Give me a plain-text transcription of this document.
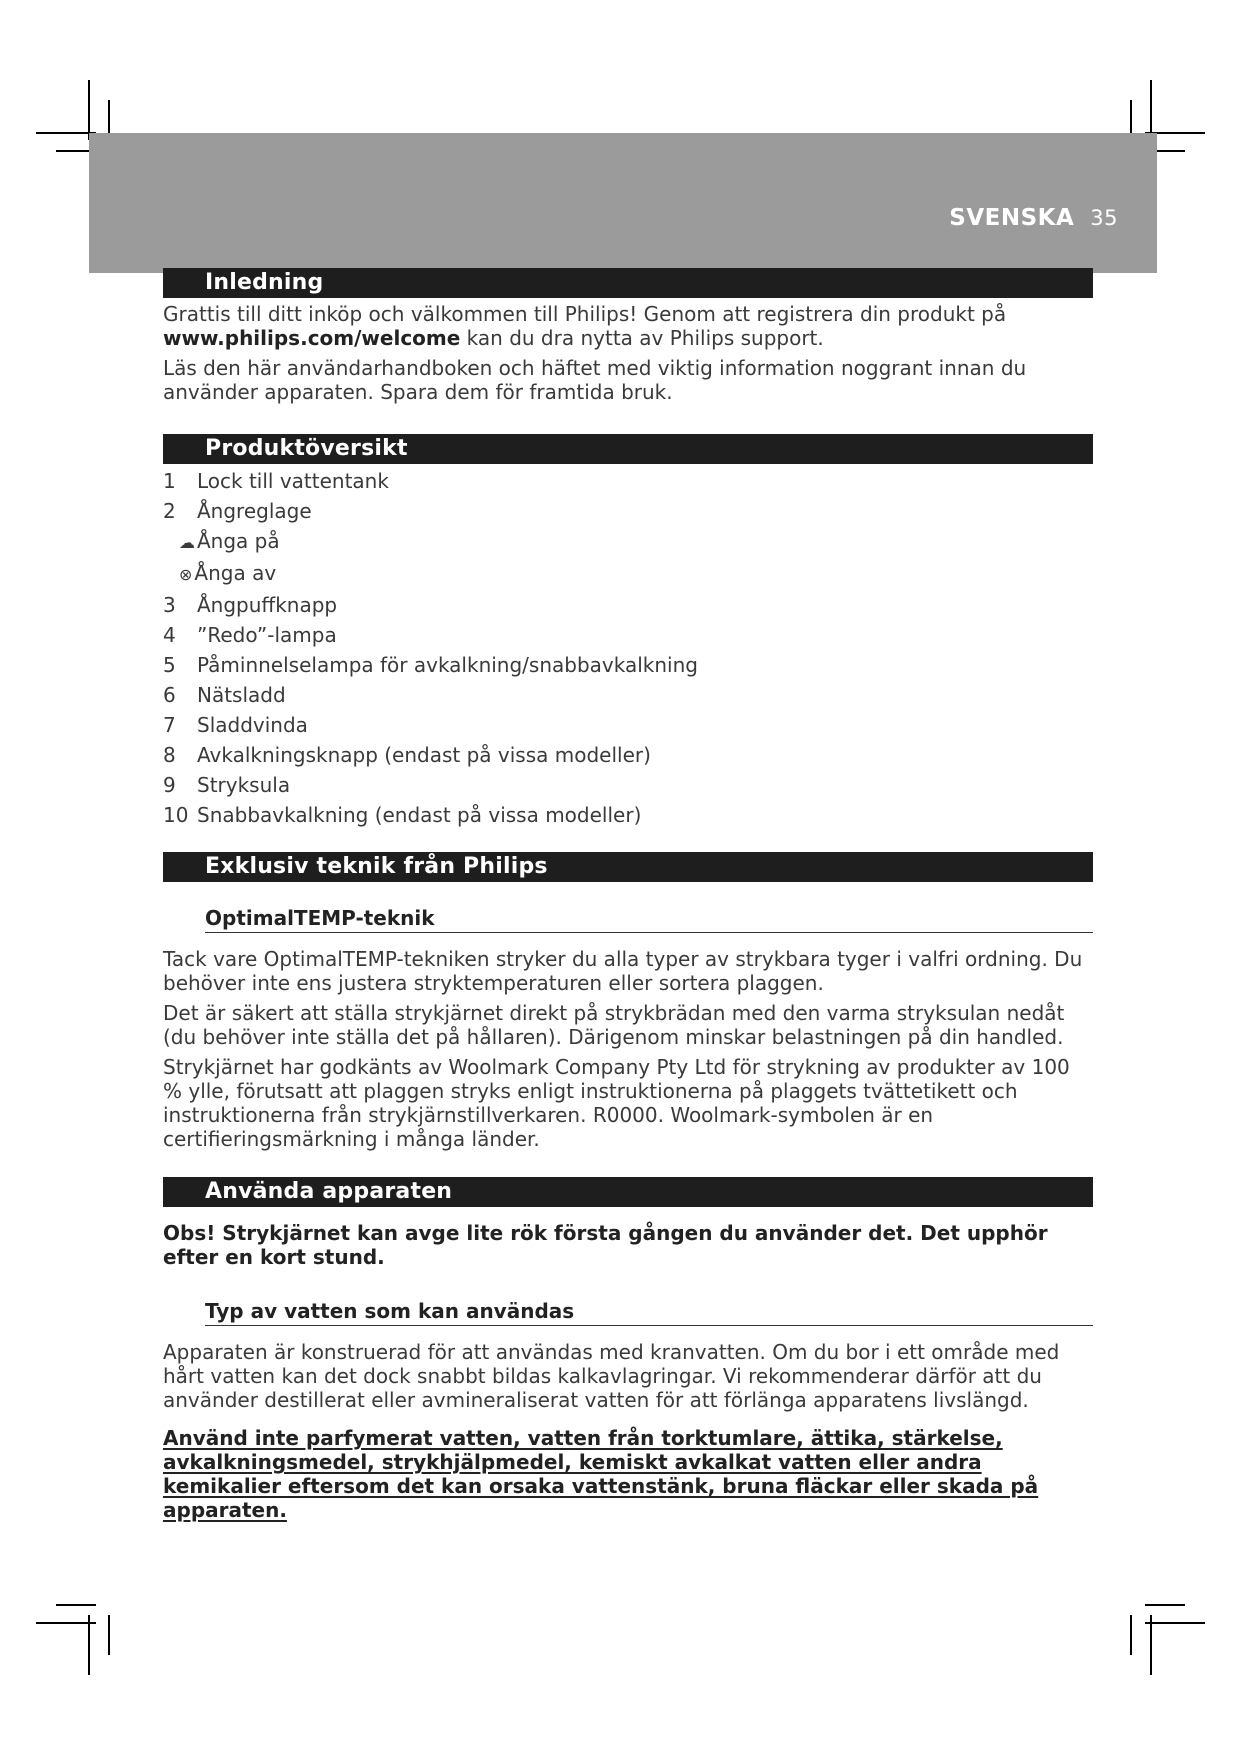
SVENSKA 35
Inledning

Grattis till ditt inköp och välkommen till Philips! Genom att registrera din produkt på
www.philips.com/welcome kan du dra nytta av Philips support.

Läs den här användarhandboken och häftet med viktig information noggrant innan du använder apparaten. Spara dem för framtida bruk.

Produktöversikt
1 Lock till vattentank
2 Ångreglage
☁ Ånga på
⊗ Ånga av
3 Ångpuffknapp
4 ”Redo”-lampa
5 Påminnelselampa för avkalkning/snabbavkalkning
6 Nätsladd
7 Sladdvinda
8 Avkalkningsknapp (endast på vissa modeller)
9 Stryksula
10 Snabbavkalkning (endast på vissa modeller)
Exklusiv teknik från Philips
OptimalTEMP-teknik

Tack vare OptimalTEMP-tekniken stryker du alla typer av strykbara tyger i valfri ordning. Du behöver inte ens justera stryktemperaturen eller sortera plaggen.

Det är säkert att ställa strykjärnet direkt på strykbrädan med den varma stryksulan nedåt (du behöver inte ställa det på hållaren). Därigenom minskar belastningen på din handled.

Strykjärnet har godkänts av Woolmark Company Pty Ltd för strykning av produkter av 100 % ylle, förutsatt att plaggen stryks enligt instruktionerna på plaggets tvättetikett och instruktionerna från strykjärnstillverkaren. R0000. Woolmark-symbolen är en certifieringsmärkning i många länder.

Använda apparaten

Obs! Strykjärnet kan avge lite rök första gången du använder det. Det upphör efter en kort stund.

Typ av vatten som kan användas

Apparaten är konstruerad för att användas med kranvatten. Om du bor i ett område med hårt vatten kan det dock snabbt bildas kalkavlagringar. Vi rekommenderar därför att du använder destillerat eller avmineraliserat vatten för att förlänga apparatens livslängd.

Använd inte parfymerat vatten, vatten från torktumlare, ättika, stärkelse, avkalkningsmedel, strykhjälpmedel, kemiskt avkalkat vatten eller andra kemikalier eftersom det kan orsaka vattenstänk, bruna fläckar eller skada på apparaten.
